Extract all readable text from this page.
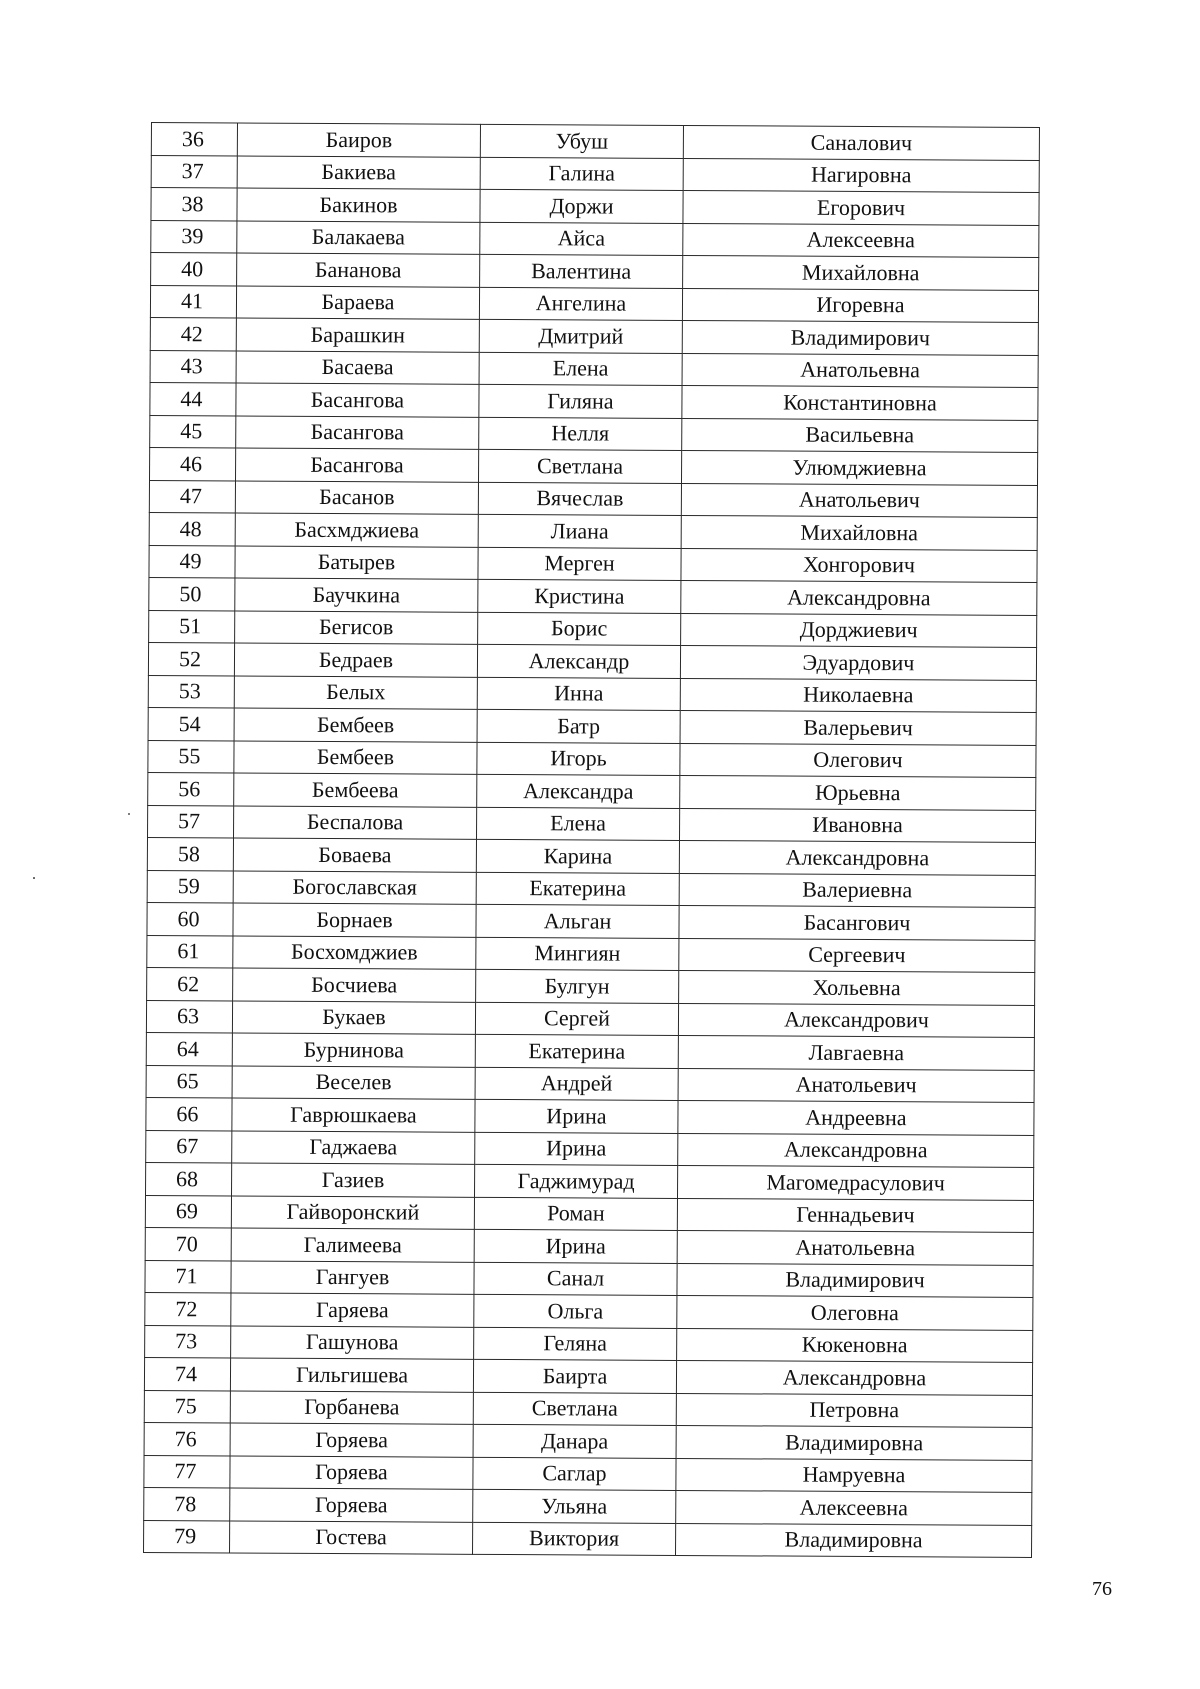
36	Баиров	Убуш	Саналович
37	Бакиева	Галина	Нагировна
38	Бакинов	Доржи	Егорович
39	Балакаева	Айса	Алексеевна
40	Бананова	Валентина	Михайловна
41	Бараева	Ангелина	Игоревна
42	Барашкин	Дмитрий	Владимирович
43	Басаева	Елена	Анатольевна
44	Басангова	Гиляна	Константиновна
45	Басангова	Нелля	Васильевна
46	Басангова	Светлана	Улюмджиевна
47	Басанов	Вячеслав	Анатольевич
48	Басхмджиева	Лиана	Михайловна
49	Батырев	Мерген	Хонгорович
50	Баучкина	Кристина	Александровна
51	Бегисов	Борис	Дорджиевич
52	Бедраев	Александр	Эдуардович
53	Белых	Инна	Николаевна
54	Бембеев	Батр	Валерьевич
55	Бембеев	Игорь	Олегович
56	Бембеева	Александра	Юрьевна
57	Беспалова	Елена	Ивановна
58	Боваева	Карина	Александровна
59	Богославская	Екатерина	Валериевна
60	Борнаев	Альган	Басангович
61	Босхомджиев	Мингиян	Сергеевич
62	Босчиева	Булгун	Хольевна
63	Букаев	Сергей	Александрович
64	Бурнинова	Екатерина	Лавгаевна
65	Веселев	Андрей	Анатольевич
66	Гаврюшкаева	Ирина	Андреевна
67	Гаджаева	Ирина	Александровна
68	Газиев	Гаджимурад	Магомедрасулович
69	Гайворонский	Роман	Геннадьевич
70	Галимеева	Ирина	Анатольевна
71	Гангуев	Санал	Владимирович
72	Гаряева	Ольга	Олеговна
73	Гашунова	Геляна	Кюкеновна
74	Гильгишева	Баирта	Александровна
75	Горбанева	Светлана	Петровна
76	Горяева	Данара	Владимировна
77	Горяева	Саглар	Намруевна
78	Горяева	Ульяна	Алексеевна
79	Гостева	Виктория	Владимировна
76
